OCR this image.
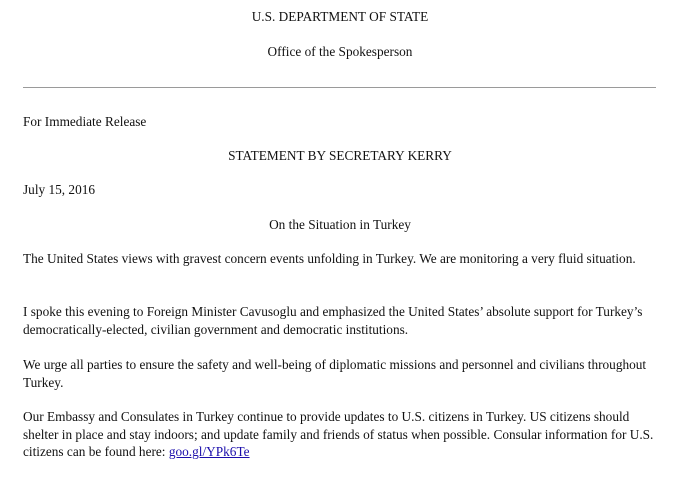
U.S. DEPARTMENT OF STATE
Office of the Spokesperson
For Immediate Release
STATEMENT BY SECRETARY KERRY
July 15, 2016
On the Situation in Turkey
The United States views with gravest concern events unfolding in Turkey. We are monitoring a very fluid situation.
I spoke this evening to Foreign Minister Cavusoglu and emphasized the United States’ absolute support for Turkey’s democratically-elected, civilian government and democratic institutions.
We urge all parties to ensure the safety and well-being of diplomatic missions and personnel and civilians throughout Turkey.
Our Embassy and Consulates in Turkey continue to provide updates to U.S. citizens in Turkey. US citizens should shelter in place and stay indoors; and update family and friends of status when possible. Consular information for U.S. citizens can be found here: goo.gl/YPk6Te
